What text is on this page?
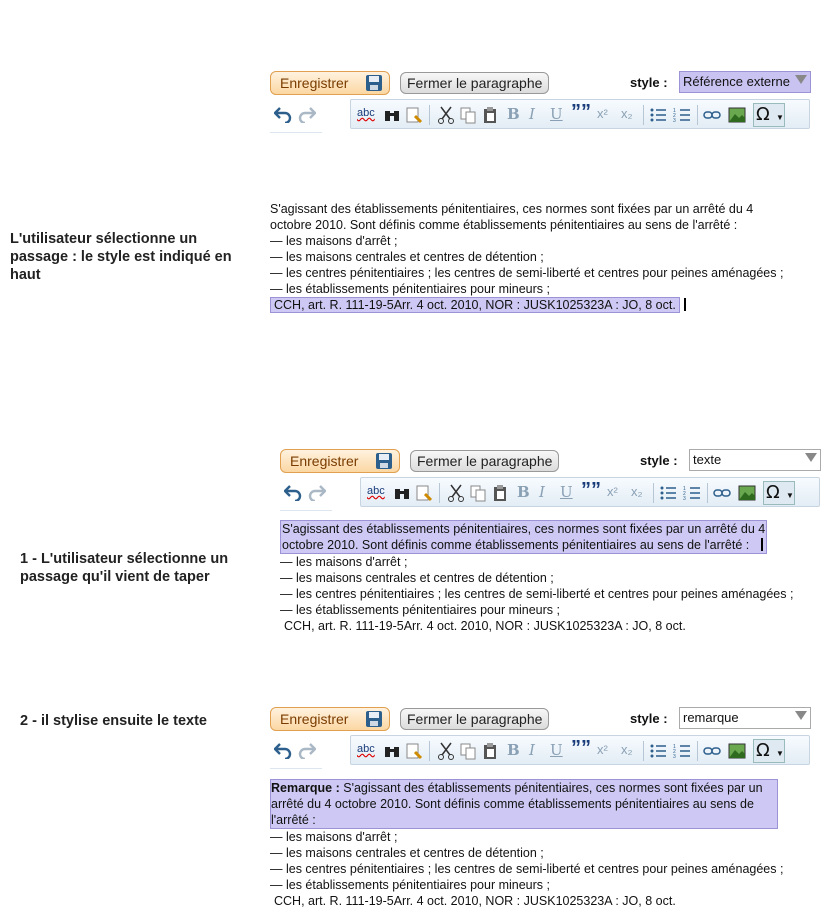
L'utilisateur sélectionne un passage : le style est indiqué en haut
1 - L'utilisateur sélectionne un passage qu'il vient de taper
2 - il stylise ensuite le texte
Enregistrer	Fermer le paragraphe	style :	Référence externe
abc	B I U ”” x² x₂	1
2
3	Ω ▼
S'agissant des établissements pénitentiaires, ces normes sont fixées par un arrêté du 4
octobre 2010. Sont définis comme établissements pénitentiaires au sens de l'arrêté :
— les maisons d'arrêt ;
— les maisons centrales et centres de détention ;
— les centres pénitentiaires ; les centres de semi-liberté et centres pour peines aménagées ;
— les établissements pénitentiaires pour mineurs ;
CCH, art. R. 111-19-5Arr. 4 oct. 2010, NOR : JUSK1025323A : JO, 8 oct.
Enregistrer	Fermer le paragraphe	style :	texte
abc	B I U ”” x² x₂	1
2
3	Ω ▼
S'agissant des établissements pénitentiaires, ces normes sont fixées par un arrêté du 4
octobre 2010. Sont définis comme établissements pénitentiaires au sens de l'arrêté :
— les maisons d'arrêt ;
— les maisons centrales et centres de détention ;
— les centres pénitentiaires ; les centres de semi-liberté et centres pour peines aménagées ;
— les établissements pénitentiaires pour mineurs ;
CCH, art. R. 111-19-5Arr. 4 oct. 2010, NOR : JUSK1025323A : JO, 8 oct.
Enregistrer	Fermer le paragraphe	style :	remarque
abc	B I U ”” x² x₂	1
2
3	Ω ▼
Remarque : S'agissant des établissements pénitentiaires, ces normes sont fixées par un
arrêté du 4 octobre 2010. Sont définis comme établissements pénitentiaires au sens de
l'arrêté :
— les maisons d'arrêt ;
— les maisons centrales et centres de détention ;
— les centres pénitentiaires ; les centres de semi-liberté et centres pour peines aménagées ;
— les établissements pénitentiaires pour mineurs ;
CCH, art. R. 111-19-5Arr. 4 oct. 2010, NOR : JUSK1025323A : JO, 8 oct.
